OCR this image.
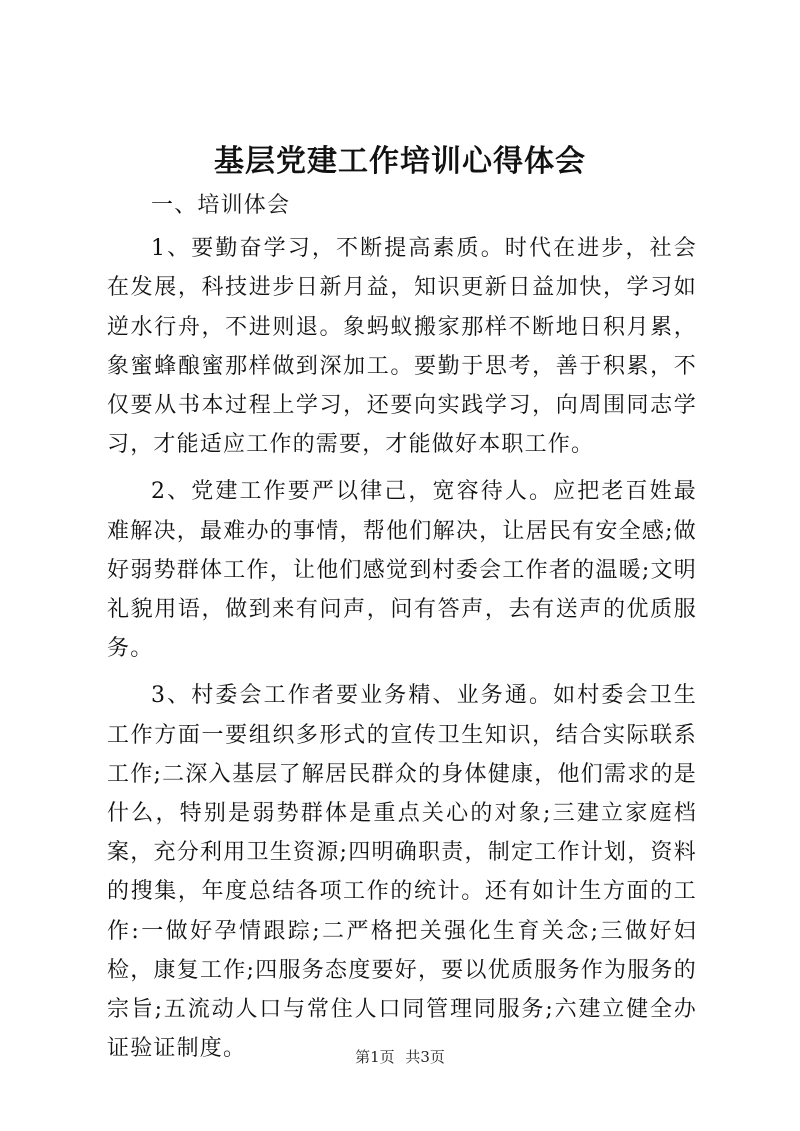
基层党建工作培训心得体会

一、培训体会

1、要勤奋学习，不断提高素质。时代在进步，社会在发展，科技进步日新月益，知识更新日益加快，学习如逆水行舟，不进则退。象蚂蚁搬家那样不断地日积月累，象蜜蜂酿蜜那样做到深加工。要勤于思考，善于积累，不仅要从书本过程上学习，还要向实践学习，向周围同志学习，才能适应工作的需要，才能做好本职工作。

2、党建工作要严以律己，宽容待人。应把老百姓最难解决，最难办的事情，帮他们解决，让居民有安全感;做好弱势群体工作，让他们感觉到村委会工作者的温暖;文明礼貌用语，做到来有问声，问有答声，去有送声的优质服务。

3、村委会工作者要业务精、业务通。如村委会卫生工作方面一要组织多形式的宣传卫生知识，结合实际联系工作;二深入基层了解居民群众的身体健康，他们需求的是什么，特别是弱势群体是重点关心的对象;三建立家庭档案，充分利用卫生资源;四明确职责，制定工作计划，资料的搜集，年度总结各项工作的统计。还有如计生方面的工作:一做好孕情跟踪;二严格把关强化生育关念;三做好妇检，康复工作;四服务态度要好，要以优质服务作为服务的宗旨;五流动人口与常住人口同管理同服务;六建立健全办证验证制度。	第1页 共3页
